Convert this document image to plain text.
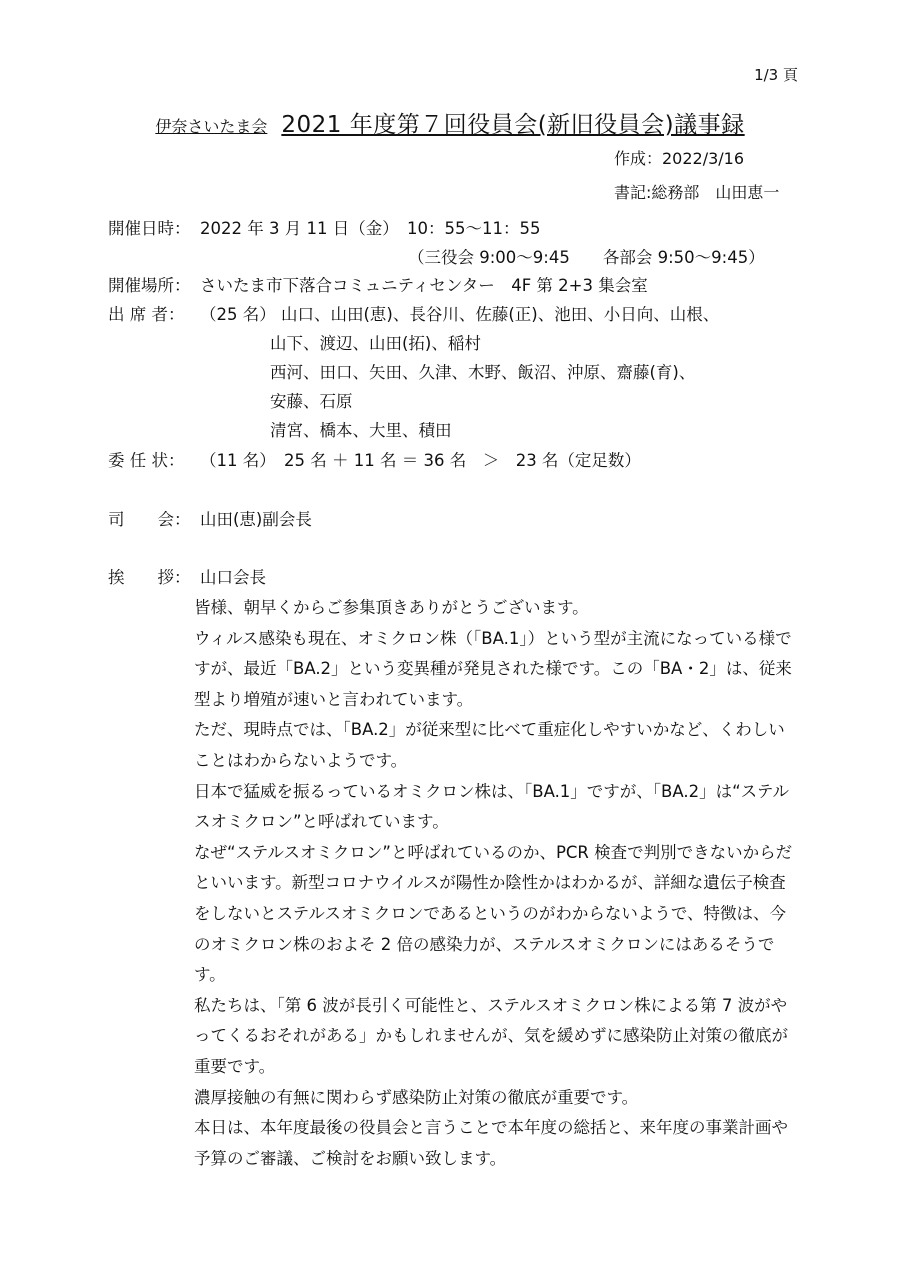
1/3 頁
伊奈さいたま会 2021 年度第７回役員会(新旧役員会)議事録
作成：2022/3/16
書記:総務部　山田恵一
開催日時： 2022 年 3 月 11 日（金）　10：55～11：55
（三役会 9:00～9:45　　各部会 9:50～9:45）
開催場所： さいたま市下落合コミュニティセンター　4F 第 2+3 集会室
出 席 者： （25 名） 山口、山田(恵)、長谷川、佐藤(正)、池田、小日向、山根、
山下、渡辺、山田(拓)、稲村
西河、田口、矢田、久津、木野、飯沼、沖原、齋藤(育)、
安藤、石原
清宮、橋本、大里、積田
委 任 状： （11 名）　25 名 ＋ 11 名 ＝ 36 名　＞　23 名（定足数）
司　　会： 山田(恵)副会長
挨　　拶： 山口会長

皆様、朝早くからご参集頂きありがとうございます。

ウィルス感染も現在、オミクロン株（「BA.1」）という型が主流になっている様ですが、最近「BA.2」という変異種が発見された様です。この「BA・2」は、従来型より増殖が速いと言われています。

ただ、現時点では、「BA.2」が従来型に比べて重症化しやすいかなど、くわしいことはわからないようです。

日本で猛威を振るっているオミクロン株は、「BA.1」ですが、「BA.2」は“ステルスオミクロン”と呼ばれています。

なぜ“ステルスオミクロン”と呼ばれているのか、PCR 検査で判別できないからだといいます。新型コロナウイルスが陽性か陰性かはわかるが、詳細な遺伝子検査をしないとステルスオミクロンであるというのがわからないようで、特徴は、今のオミクロン株のおよそ 2 倍の感染力が、ステルスオミクロンにはあるそうです。

私たちは、「第 6 波が長引く可能性と、ステルスオミクロン株による第 7 波がやってくるおそれがある」かもしれませんが、気を緩めずに感染防止対策の徹底が重要です。

濃厚接触の有無に関わらず感染防止対策の徹底が重要です。

本日は、本年度最後の役員会と言うことで本年度の総括と、来年度の事業計画や予算のご審議、ご検討をお願い致します。
